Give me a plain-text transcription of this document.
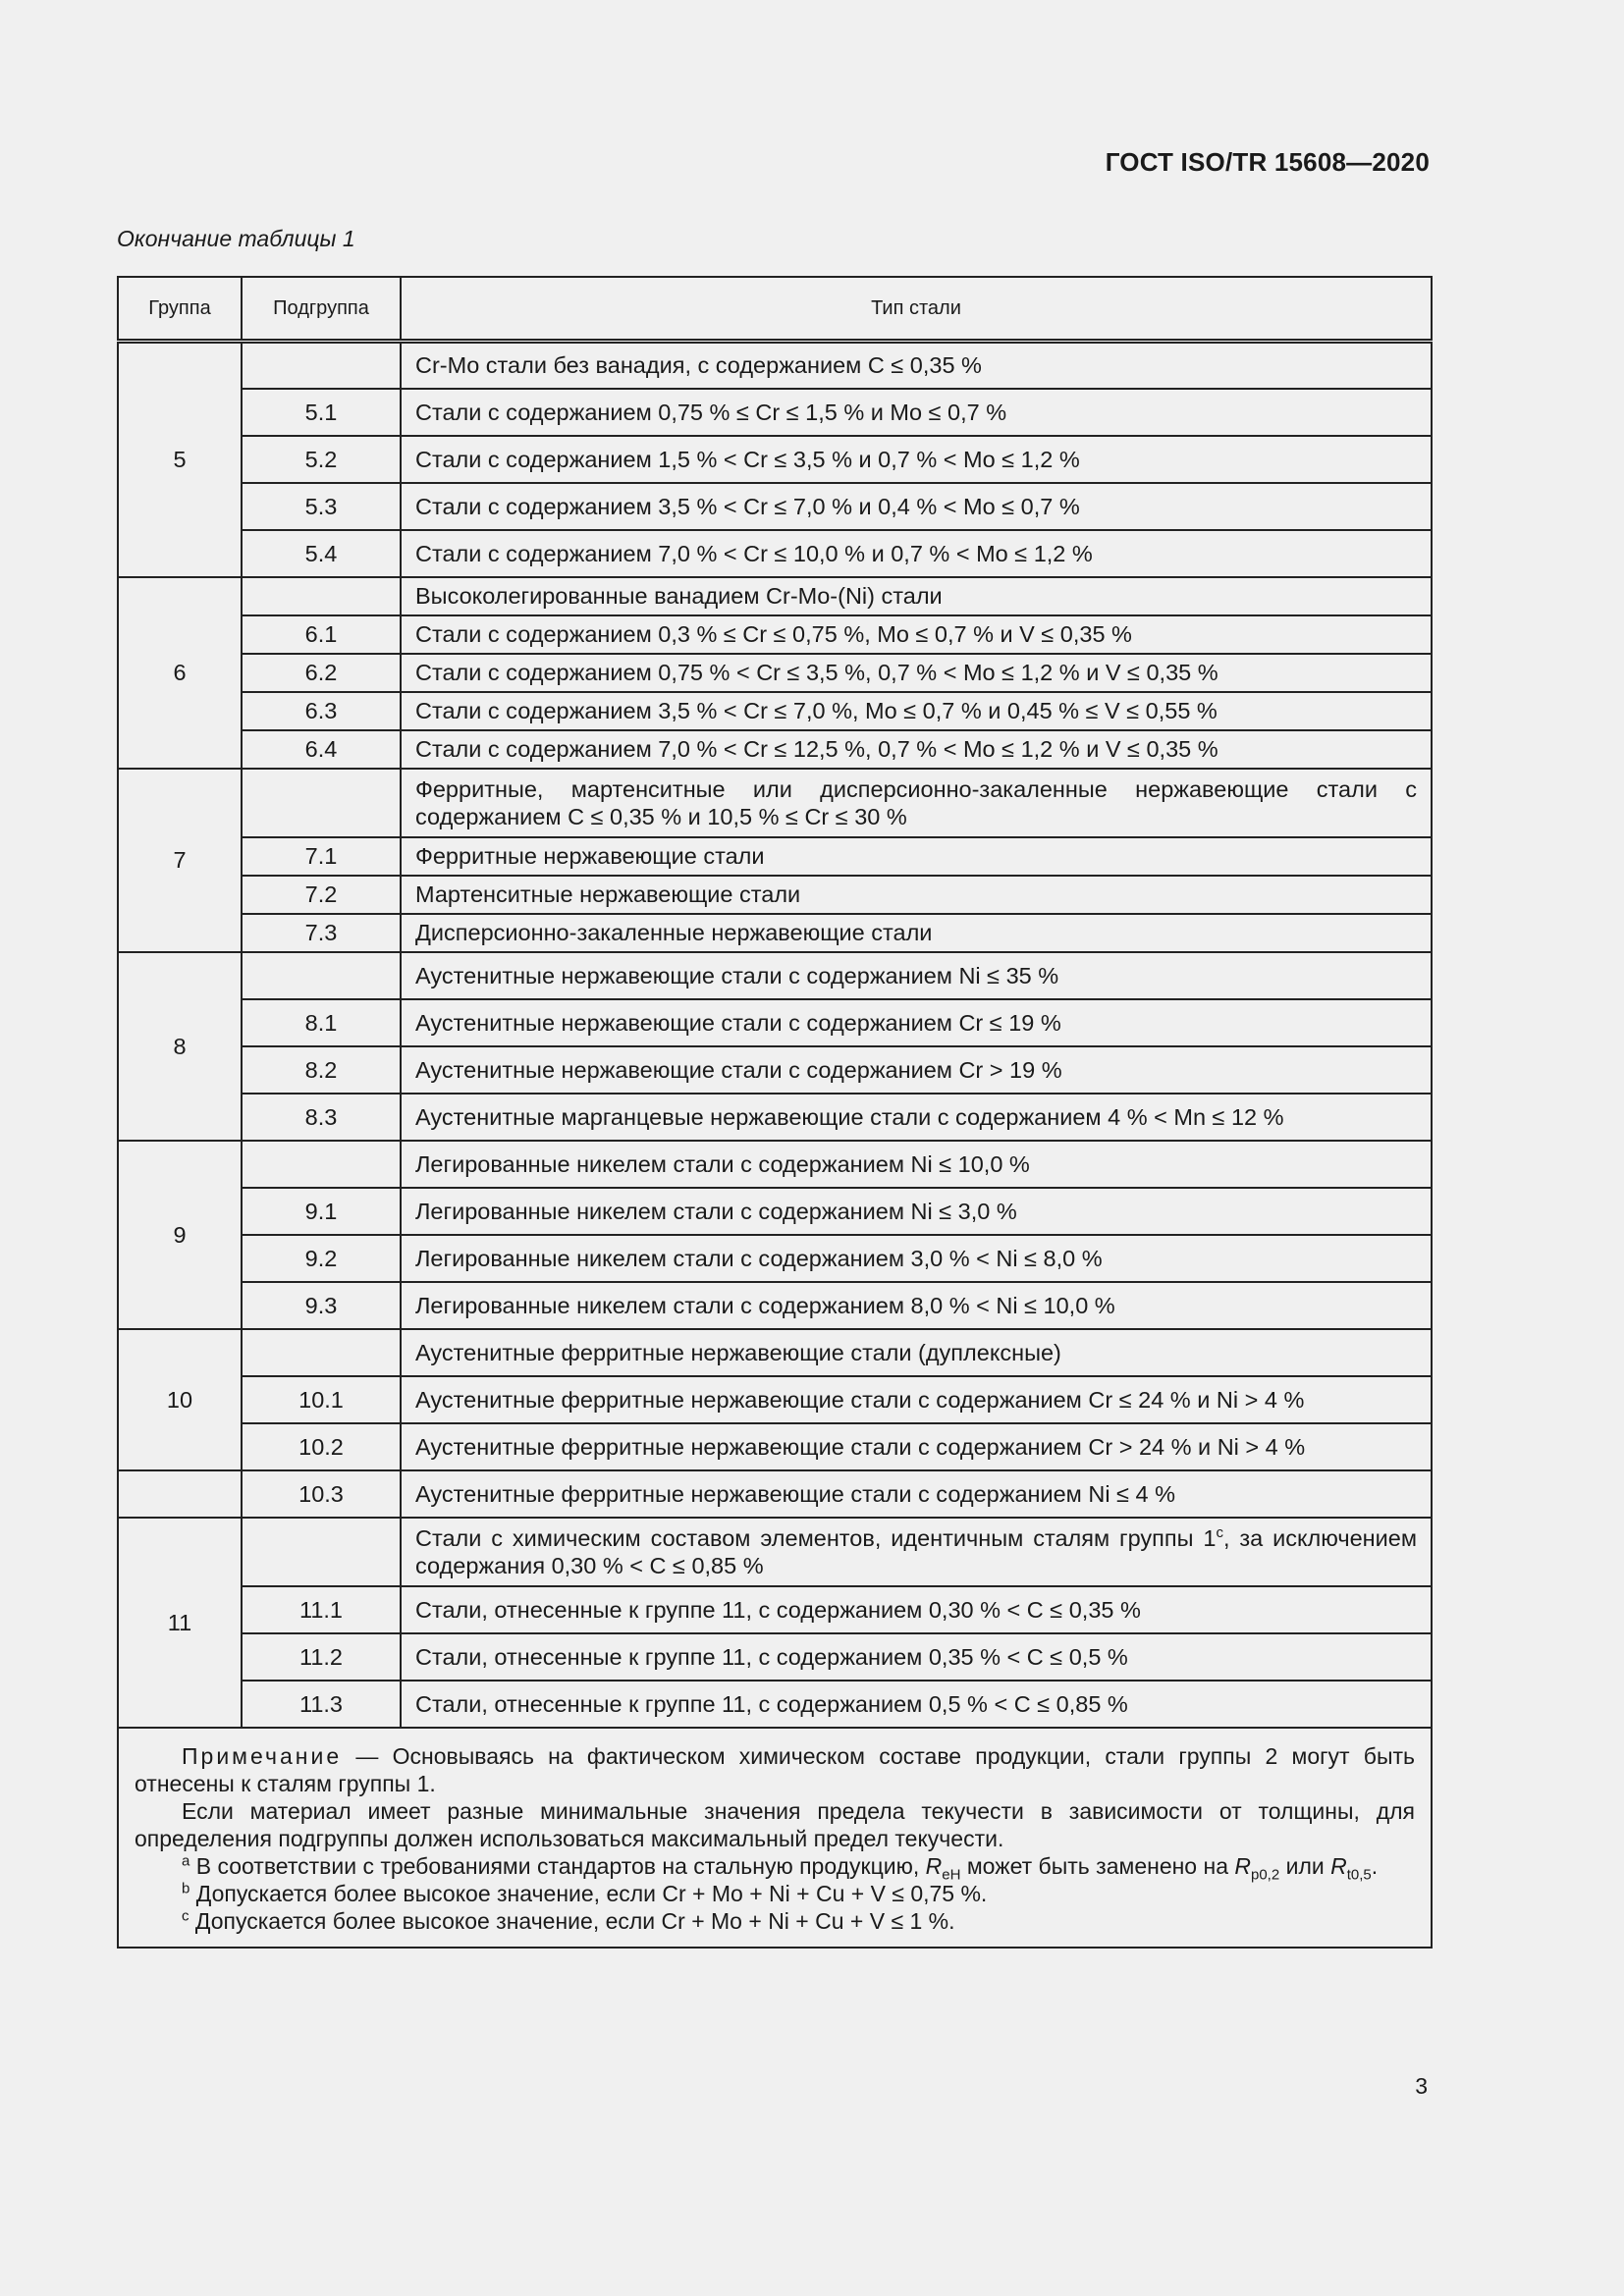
ГОСТ ISO/TR 15608—2020
Окончание таблицы 1
Группа	Подгруппа	Тип стали
5		Cr-Mo стали без ванадия, с содержанием C ≤ 0,35 %
	5.1	Стали с содержанием 0,75 % ≤ Cr ≤ 1,5 % и Mo ≤ 0,7 %
	5.2	Стали с содержанием 1,5 % < Cr ≤ 3,5 % и 0,7 % < Mo ≤ 1,2 %
	5.3	Стали с содержанием 3,5 % < Cr ≤ 7,0 % и 0,4 % < Mo ≤ 0,7 %
	5.4	Стали с содержанием 7,0 % < Cr ≤ 10,0 % и 0,7 % < Mo ≤ 1,2 %
6		Высоколегированные ванадием Cr-Mo-(Ni) стали
	6.1	Стали с содержанием 0,3 % ≤ Cr ≤ 0,75 %, Mo ≤ 0,7 % и V ≤ 0,35 %
	6.2	Стали с содержанием 0,75 % < Cr ≤ 3,5 %, 0,7 % < Mo ≤ 1,2 % и V ≤ 0,35 %
	6.3	Стали с содержанием 3,5 % < Cr ≤ 7,0 %, Mo ≤ 0,7 % и 0,45 % ≤ V ≤ 0,55 %
	6.4	Стали с содержанием 7,0 % < Cr ≤ 12,5 %, 0,7 % < Mo ≤ 1,2 % и V ≤ 0,35 %
7		Ферритные, мартенситные или дисперсионно-закаленные нержавеющие стали с содержанием C ≤ 0,35 % и 10,5 % ≤ Cr ≤ 30 %
	7.1	Ферритные нержавеющие стали
	7.2	Мартенситные нержавеющие стали
	7.3	Дисперсионно-закаленные нержавеющие стали
8		Аустенитные нержавеющие стали с содержанием Ni ≤ 35 %
	8.1	Аустенитные нержавеющие стали с содержанием Cr ≤ 19 %
	8.2	Аустенитные нержавеющие стали с содержанием Cr > 19 %
	8.3	Аустенитные марганцевые нержавеющие стали с содержанием 4 % < Mn ≤ 12 %
9		Легированные никелем стали с содержанием Ni ≤ 10,0 %
	9.1	Легированные никелем стали с содержанием Ni ≤ 3,0 %
	9.2	Легированные никелем стали с содержанием 3,0 % < Ni ≤ 8,0 %
	9.3	Легированные никелем стали с содержанием 8,0 % < Ni ≤ 10,0 %
10		Аустенитные ферритные нержавеющие стали (дуплексные)
	10.1	Аустенитные ферритные нержавеющие стали с содержанием Cr ≤ 24 % и Ni > 4 %
	10.2	Аустенитные ферритные нержавеющие стали с содержанием Cr > 24 % и Ni > 4 %
	10.3	Аустенитные ферритные нержавеющие стали с содержанием Ni ≤ 4 %
11		Стали с химическим составом элементов, идентичным сталям группы 1$^c$, за исключением содержания 0,30 % < C ≤ 0,85 %
	11.1	Стали, отнесенные к группе 11, с содержанием 0,30 % < C ≤ 0,35 %
	11.2	Стали, отнесенные к группе 11, с содержанием 0,35 % < C ≤ 0,5 %
	11.3	Стали, отнесенные к группе 11, с содержанием 0,5 % < C ≤ 0,85 %

Примечание — Основываясь на фактическом химическом составе продукции, стали группы 2 могут быть отнесены к сталям группы 1.

Если материал имеет разные минимальные значения предела текучести в зависимости от толщины, для определения подгруппы должен использоваться максимальный предел текучести.

$^a$ В соответствии с требованиями стандартов на стальную продукцию, $R_{eH}$ может быть заменено на $R_{p0,2}$ или $R_{t0,5}$.

$^b$ Допускается более высокое значение, если Cr + Mo + Ni + Cu + V ≤ 0,75 %.

$^c$ Допускается более высокое значение, если Cr + Mo + Ni + Cu + V ≤ 1 %.		

3
